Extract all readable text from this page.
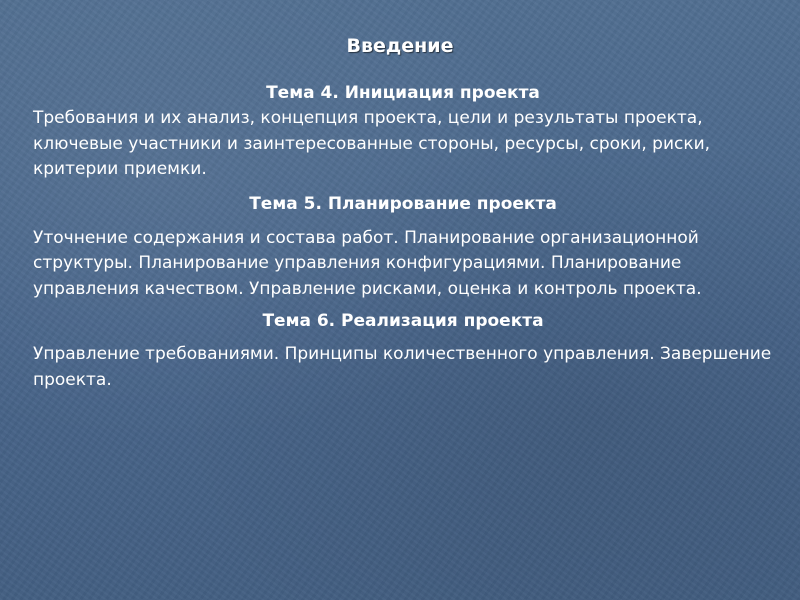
Введение

Тема 4. Инициация проекта

Требования и их анализ, концепция проекта, цели и результаты проекта, ключевые участники и заинтересованные стороны, ресурсы, сроки, риски, критерии приемки.

Тема 5. Планирование проекта

Уточнение содержания и состава работ. Планирование организационной структуры. Планирование управления конфигурациями. Планирование управления качеством. Управление рисками, оценка и контроль проекта.

Тема 6. Реализация проекта

Управление требованиями. Принципы количественного управления. Завершение проекта.
